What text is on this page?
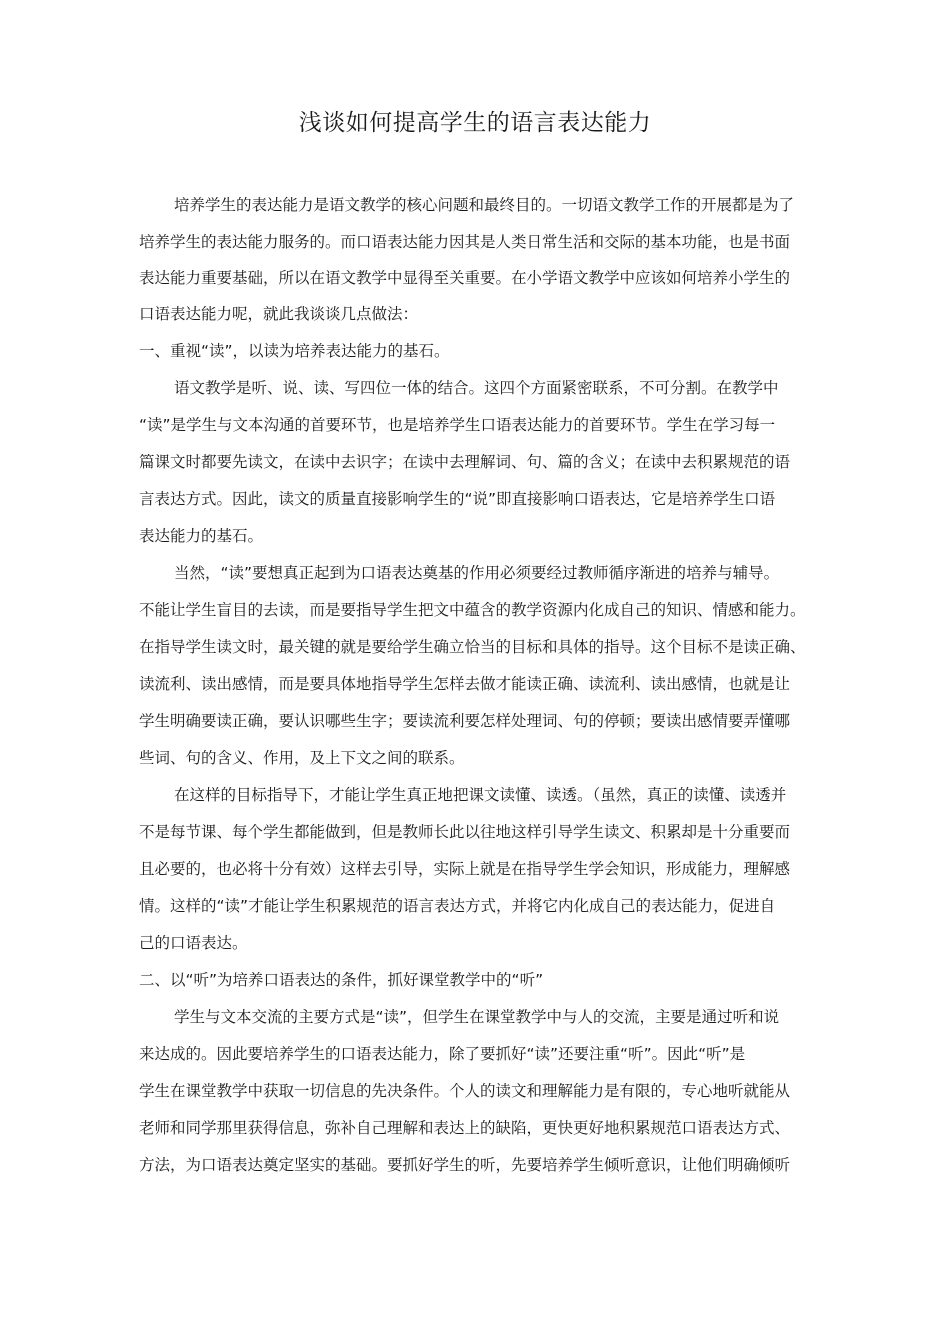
浅谈如何提高学生的语言表达能力
培养学生的表达能力是语文教学的核心问题和最终目的。一切语文教学工作的开展都是为了
培养学生的表达能力服务的。而口语表达能力因其是人类日常生活和交际的基本功能，也是书面
表达能力重要基础，所以在语文教学中显得至关重要。在小学语文教学中应该如何培养小学生的
口语表达能力呢，就此我谈谈几点做法：
一、重视“读”，以读为培养表达能力的基石。
语文教学是听、说、读、写四位一体的结合。这四个方面紧密联系，不可分割。在教学中
“读”是学生与文本沟通的首要环节，也是培养学生口语表达能力的首要环节。学生在学习每一
篇课文时都要先读文，在读中去识字；在读中去理解词、句、篇的含义；在读中去积累规范的语
言表达方式。因此，读文的质量直接影响学生的“说”即直接影响口语表达，它是培养学生口语
表达能力的基石。
当然，“读”要想真正起到为口语表达奠基的作用必须要经过教师循序渐进的培养与辅导。
不能让学生盲目的去读，而是要指导学生把文中蕴含的教学资源内化成自己的知识、情感和能力。
在指导学生读文时，最关键的就是要给学生确立恰当的目标和具体的指导。这个目标不是读正确、
读流利、读出感情，而是要具体地指导学生怎样去做才能读正确、读流利、读出感情，也就是让
学生明确要读正确，要认识哪些生字；要读流利要怎样处理词、句的停顿；要读出感情要弄懂哪
些词、句的含义、作用，及上下文之间的联系。
在这样的目标指导下，才能让学生真正地把课文读懂、读透。（虽然，真正的读懂、读透并
不是每节课、每个学生都能做到，但是教师长此以往地这样引导学生读文、积累却是十分重要而
且必要的，也必将十分有效）这样去引导，实际上就是在指导学生学会知识，形成能力，理解感
情。这样的“读”才能让学生积累规范的语言表达方式，并将它内化成自己的表达能力，促进自
己的口语表达。
二、以“听”为培养口语表达的条件，抓好课堂教学中的“听”
学生与文本交流的主要方式是“读”，但学生在课堂教学中与人的交流，主要是通过听和说
来达成的。因此要培养学生的口语表达能力，除了要抓好“读”还要注重“听”。因此“听”是
学生在课堂教学中获取一切信息的先决条件。个人的读文和理解能力是有限的，专心地听就能从
老师和同学那里获得信息，弥补自己理解和表达上的缺陷，更快更好地积累规范口语表达方式、
方法，为口语表达奠定坚实的基础。要抓好学生的听，先要培养学生倾听意识，让他们明确倾听
